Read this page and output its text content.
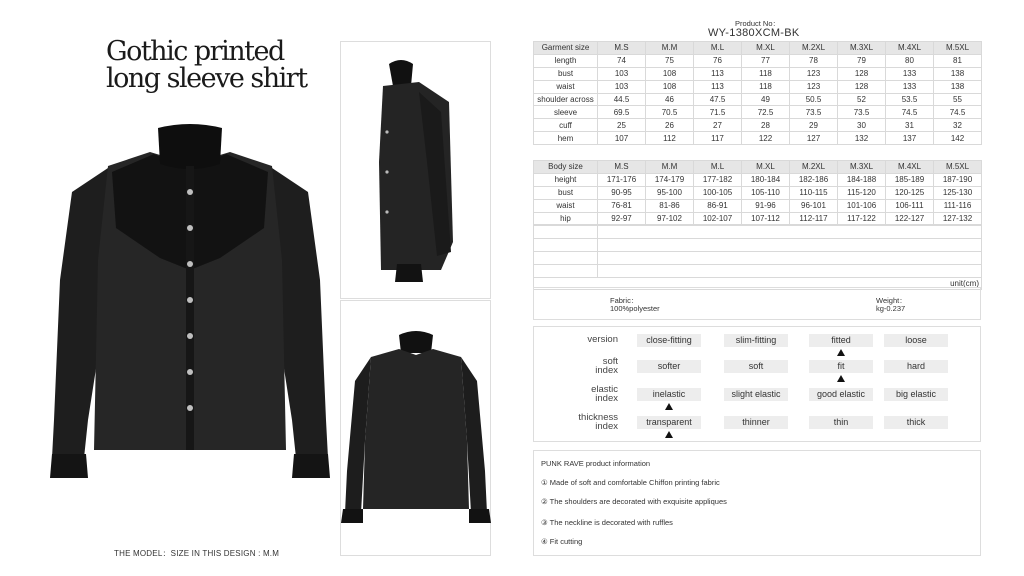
Gothic printed
long sleeve shirt
THE MODEL：SIZE IN THIS DESIGN : M.M
Product No：
WY-1380XCM-BK
Garment size	M.S	M.M	M.L	M.XL	M.2XL	M.3XL	M.4XL	M.5XL
length	74	75	76	77	78	79	80	81
bust	103	108	113	118	123	128	133	138
waist	103	108	113	118	123	128	133	138
shoulder across	44.5	46	47.5	49	50.5	52	53.5	55
sleeve	69.5	70.5	71.5	72.5	73.5	73.5	74.5	74.5
cuff	25	26	27	28	29	30	31	32
hem	107	112	117	122	127	132	137	142
Body size	M.S	M.M	M.L	M.XL	M.2XL	M.3XL	M.4XL	M.5XL
height	171-176	174-179	177-182	180-184	182-186	184-188	185-189	187-190
bust	90-95	95-100	100-105	105-110	110-115	115-120	120-125	125-130
waist	76-81	81-86	86-91	91-96	96-101	101-106	106-111	111-116
hip	92-97	97-102	102-107	107-112	112-117	117-122	122-127	127-132

unit(cm)	
Fabric：
100%polyester
Weight：
kg-0.237
version	close-fitting	slim-fitting	fitted	loose
soft
index	softer	soft	fit	hard
elastic
index	inelastic	slight elastic	good elastic	big elastic
thickness
index	transparent	thinner	thin	thick
PUNK RAVE product information
① Made of soft and comfortable Chiffon printing fabric
② The shoulders are decorated with exquisite appliques
③ The neckline is decorated with ruffles
④ Fit cutting
